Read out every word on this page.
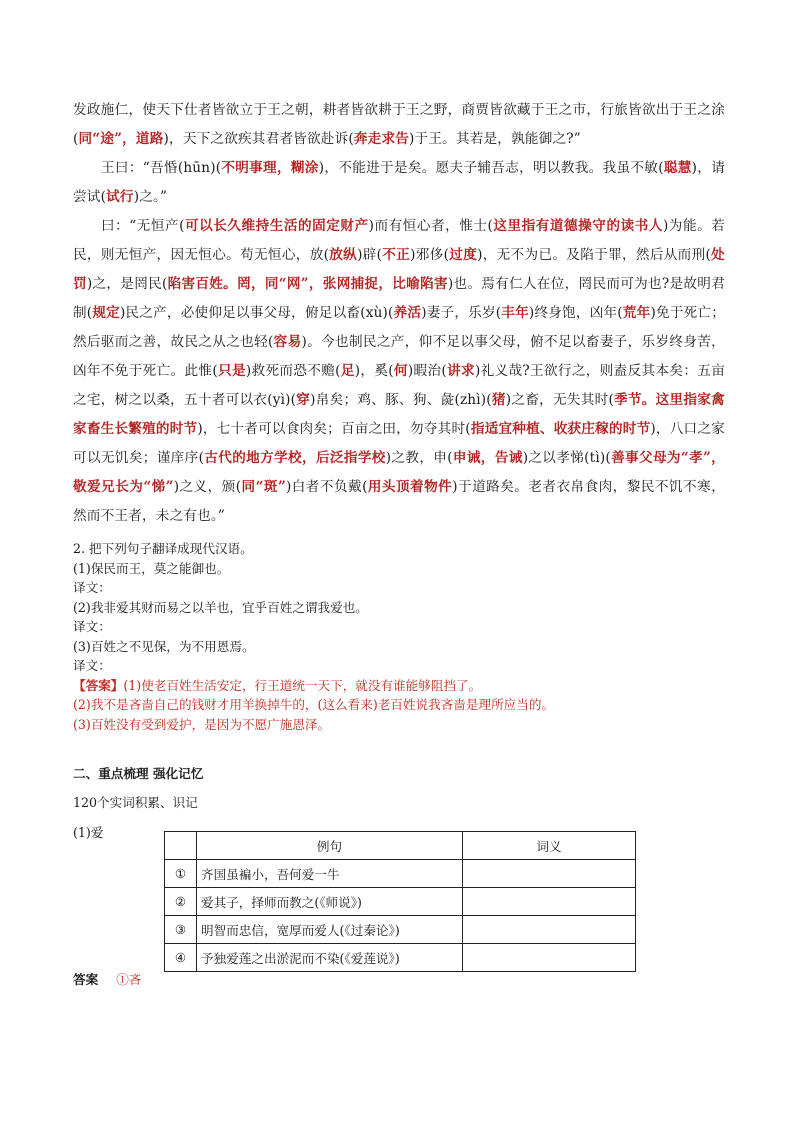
发政施仁，使天下仕者皆欲立于王之朝，耕者皆欲耕于王之野，商贾皆欲藏于王之市，行旅皆欲出于王之涂(同“途”，道路)，天下之欲疾其君者皆欲赴诉(奔走求告)于王。其若是，孰能御之?”

王曰：“吾惛(hūn)(不明事理，糊涂)，不能进于是矣。愿夫子辅吾志，明以教我。我虽不敏(聪慧)，请尝试(试行)之。”

曰：“无恒产(可以长久维持生活的固定财产)而有恒心者，惟士(这里指有道德操守的读书人)为能。若民，则无恒产，因无恒心。苟无恒心，放(放纵)辟(不正)邪侈(过度)，无不为已。及陷于罪，然后从而刑(处罚)之，是罔民(陷害百姓。罔，同“网”，张网捕捉，比喻陷害)也。焉有仁人在位，罔民而可为也?是故明君制(规定)民之产，必使仰足以事父母，俯足以畜(xù)(养活)妻子，乐岁(丰年)终身饱，凶年(荒年)免于死亡；然后驱而之善，故民之从之也轻(容易)。今也制民之产，仰不足以事父母，俯不足以畜妻子，乐岁终身苦，凶年不免于死亡。此惟(只是)救死而恐不赡(足)，奚(何)暇治(讲求)礼义哉?王欲行之，则盍反其本矣：五亩之宅，树之以桑，五十者可以衣(yì)(穿)帛矣；鸡、豚、狗、彘(zhì)(猪)之畜，无失其时(季节。这里指家禽家畜生长繁殖的时节)，七十者可以食肉矣；百亩之田，勿夺其时(指适宜种植、收获庄稼的时节)，八口之家可以无饥矣；谨庠序(古代的地方学校，后泛指学校)之教，申(申诫，告诫)之以孝悌(tì)(善事父母为“孝”，敬爱兄长为“悌”)之义，颁(同“斑”)白者不负戴(用头顶着物件)于道路矣。老者衣帛食肉，黎民不饥不寒，然而不王者，未之有也。”

2. 把下列句子翻译成现代汉语。

(1)保民而王，莫之能御也。

译文：

(2)我非爱其财而易之以羊也，宜乎百姓之谓我爱也。

译文：

(3)百姓之不见保，为不用恩焉。

译文：

【答案】(1)使老百姓生活安定，行王道统一天下，就没有谁能够阻挡了。

(2)我不是吝啬自己的钱财才用羊换掉牛的，(这么看来)老百姓说我吝啬是理所应当的。

(3)百姓没有受到爱护，是因为不愿广施恩泽。

二、重点梳理 强化记忆

120个实词积累、识记

(1)爱
	例句	词义
①	齐国虽褊小，吾何爱一牛	
②	爱其子，择师而教之(《师说》)	
③	明智而忠信，宽厚而爱人(《过秦论》)	
④	予独爱莲之出淤泥而不染(《爱莲说》)	
答案 ①吝
